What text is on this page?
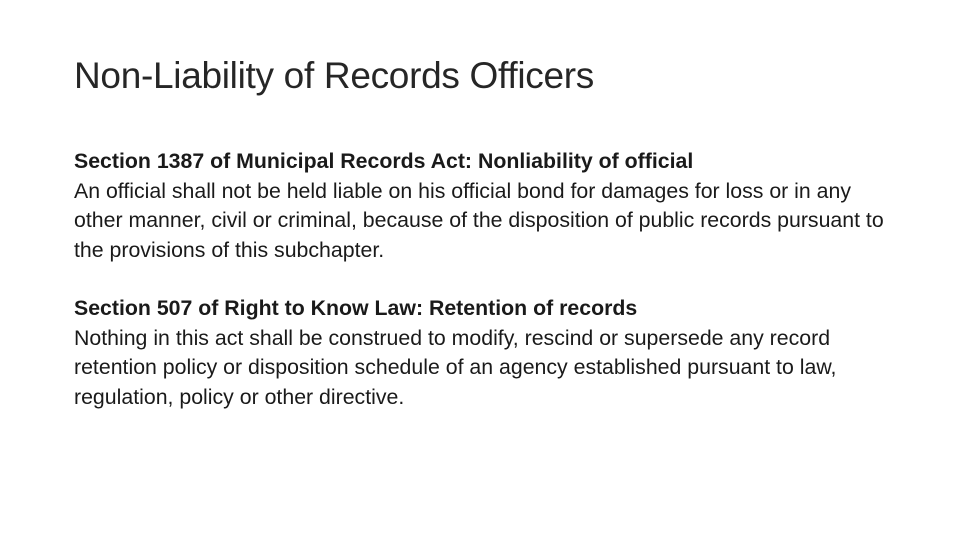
Non-Liability of Records Officers
Section 1387 of Municipal Records Act: Nonliability of official
An official shall not be held liable on his official bond for damages for loss or in any other manner, civil or criminal, because of the disposition of public records pursuant to the provisions of this subchapter.
Section 507 of Right to Know Law: Retention of records
Nothing in this act shall be construed to modify, rescind or supersede any record retention policy or disposition schedule of an agency established pursuant to law, regulation, policy or other directive.
